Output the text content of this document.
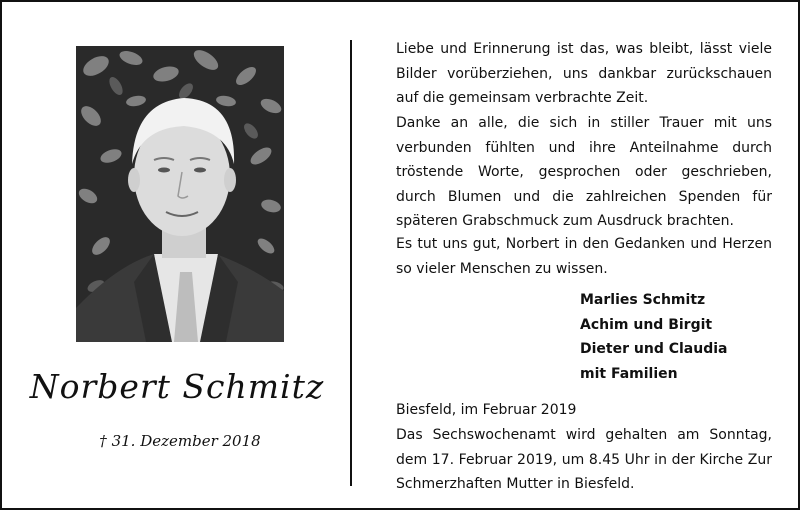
Norbert Schmitz
† 31. Dezember 2018
Liebe und Erinnerung ist das, was bleibt, lässt viele Bilder vorüberziehen, uns dankbar zurückschauen auf die gemeinsam verbrachte Zeit.
Danke an alle, die sich in stiller Trauer mit uns verbunden fühlten und ihre Anteilnahme durch tröstende Worte, gesprochen oder geschrieben, durch Blumen und die zahlreichen Spenden für späteren Grabschmuck zum Ausdruck brachten.
Es tut uns gut, Norbert in den Gedanken und Herzen so vieler Menschen zu wissen.
Marlies Schmitz
Achim und Birgit
Dieter und Claudia
mit Familien
Biesfeld, im Februar 2019
Das Sechswochenamt wird gehalten am Sonntag, dem 17. Februar 2019, um 8.45 Uhr in der Kirche Zur Schmerzhaften Mutter in Biesfeld.
